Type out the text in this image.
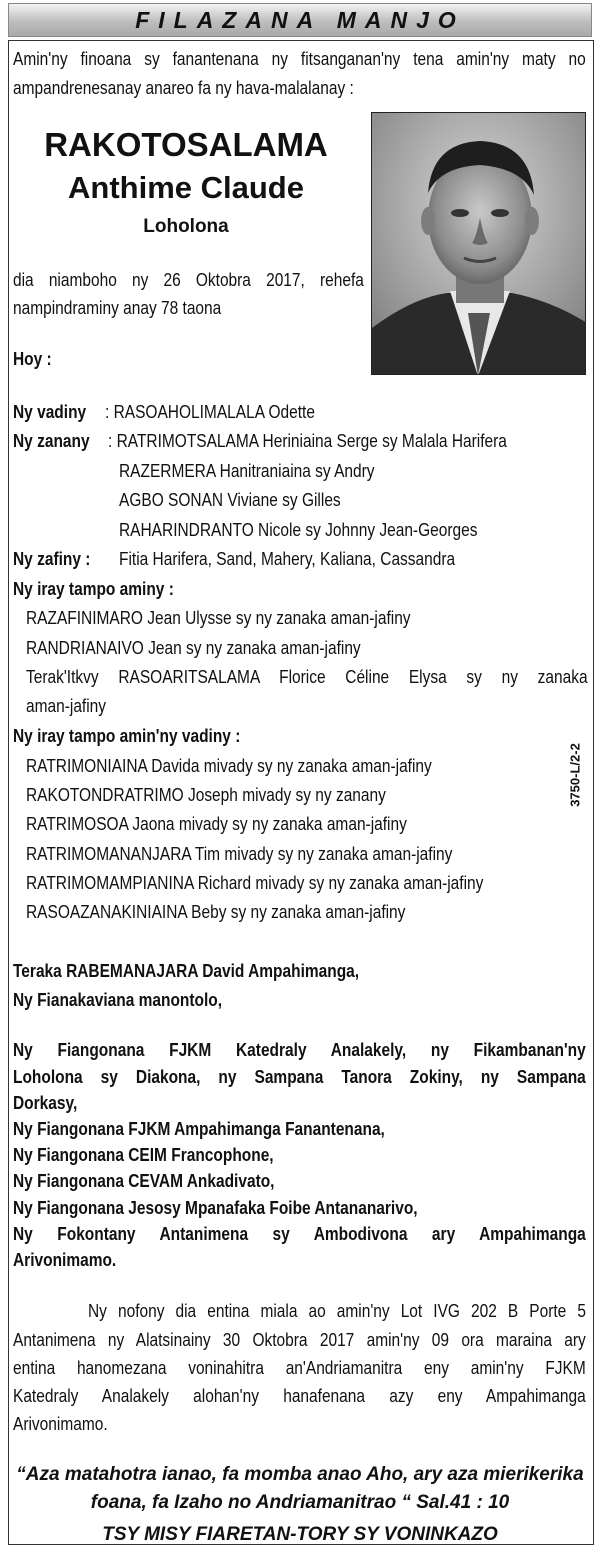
FILAZANA MANJO
Amin'ny finoana sy fanantenana ny fitsanganan'ny tena amin'ny maty no
ampandrenesanay anareo fa ny hava-malalanay :
RAKOTOSALAMA
Anthime Claude
Loholona
dia niamboho ny 26 Oktobra 2017, rehefa
nampindraminy anay 78 taona
Hoy :
Ny vadiny : RASOAHOLIMALALA Odette
Ny zanany : RATRIMOTSALAMA Heriniaina Serge sy Malala Harifera
RAZERMERA Hanitraniaina sy Andry
AGBO SONAN Viviane sy Gilles
RAHARINDRANTO Nicole sy Johnny Jean-Georges
Ny zafiny : Fitia Harifera, Sand, Mahery, Kaliana, Cassandra
Ny iray tampo aminy :
RAZAFINIMARO Jean Ulysse sy ny zanaka aman-jafiny
RANDRIANAIVO Jean sy ny zanaka aman-jafiny
Terak'Itkvy RASOARITSALAMA Florice Céline Elysa sy ny zanaka
aman-jafiny
Ny iray tampo amin'ny vadiny :
RATRIMONIAINA Davida mivady sy ny zanaka aman-jafiny
RAKOTONDRATRIMO Joseph mivady sy ny zanany
RATRIMOSOA Jaona mivady sy ny zanaka aman-jafiny
RATRIMOMANANJARA Tim mivady sy ny zanaka aman-jafiny
RATRIMOMAMPIANINA Richard mivady sy ny zanaka aman-jafiny
RASOAZANAKINIAINA Beby sy ny zanaka aman-jafiny
3750-L/2-2
Teraka RABEMANAJARA David Ampahimanga,
Ny Fianakaviana manontolo,
Ny Fiangonana FJKM Katedraly Analakely, ny Fikambanan'ny
Loholona sy Diakona, ny Sampana Tanora Zokiny, ny Sampana
Dorkasy,
Ny Fiangonana FJKM Ampahimanga Fanantenana,
Ny Fiangonana CEIM Francophone,
Ny Fiangonana CEVAM Ankadivato,
Ny Fiangonana Jesosy Mpanafaka Foibe Antananarivo,
Ny Fokontany Antanimena sy Ambodivona ary Ampahimanga
Arivonimamo.
Ny nofony dia entina miala ao amin'ny Lot IVG 202 B Porte 5
Antanimena ny Alatsinainy 30 Oktobra 2017 amin'ny 09 ora maraina ary
entina hanomezana voninahitra an'Andriamanitra eny amin'ny FJKM
Katedraly Analakely alohan'ny hanafenana azy eny Ampahimanga
Arivonimamo.
“Aza matahotra ianao, fa momba anao Aho, ary aza mierikerika
foana, fa Izaho no Andriamanitrao “ Sal.41 : 10
TSY MISY FIARETAN-TORY SY VONINKAZO
